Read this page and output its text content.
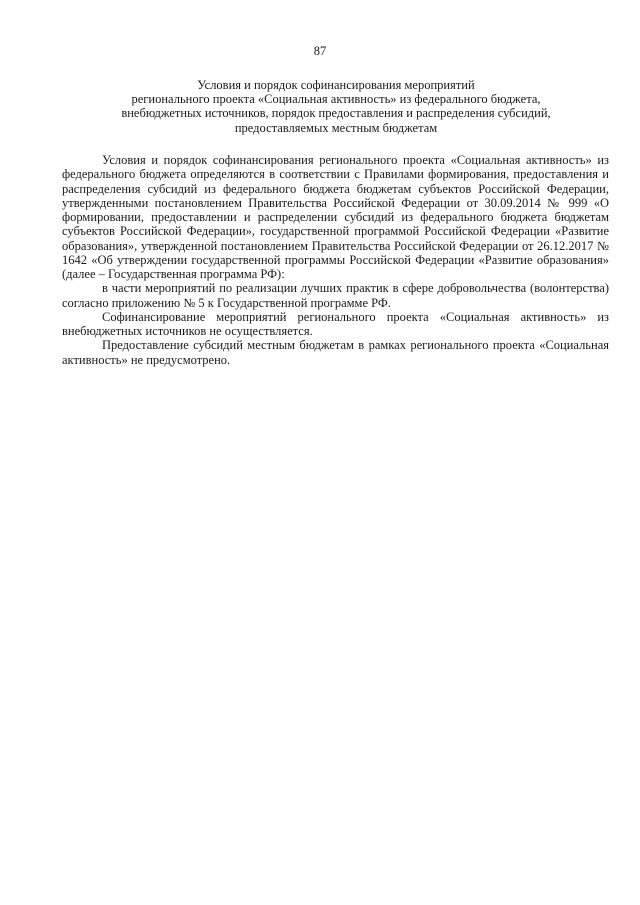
87
Условия и порядок софинансирования мероприятий
регионального проекта «Социальная активность» из федерального бюджета,
внебюджетных источников, порядок предоставления и распределения субсидий,
предоставляемых местным бюджетам

Условия и порядок софинансирования регионального проекта «Социальная активность» из федерального бюджета определяются в соответствии с Правилами формирования, предоставления и распределения субсидий из федерального бюджета бюджетам субъектов Российской Федерации, утвержденными постановлением Правительства Российской Федерации от 30.09.2014 № 999 «О формировании, предоставлении и распределении субсидий из федерального бюджета бюджетам субъектов Российской Федерации», государственной программой Российской Федерации «Развитие образования», утвержденной постановлением Правительства Российской Федерации от 26.12.2017 № 1642 «Об утверждении государственной программы Российской Федерации «Развитие образования» (далее – Государственная программа РФ):

в части мероприятий по реализации лучших практик в сфере добровольчества (волонтерства) согласно приложению № 5 к Государственной программе РФ.

Софинансирование мероприятий регионального проекта «Социальная активность» из внебюджетных источников не осуществляется.

Предоставление субсидий местным бюджетам в рамках регионального проекта «Социальная активность» не предусмотрено.
